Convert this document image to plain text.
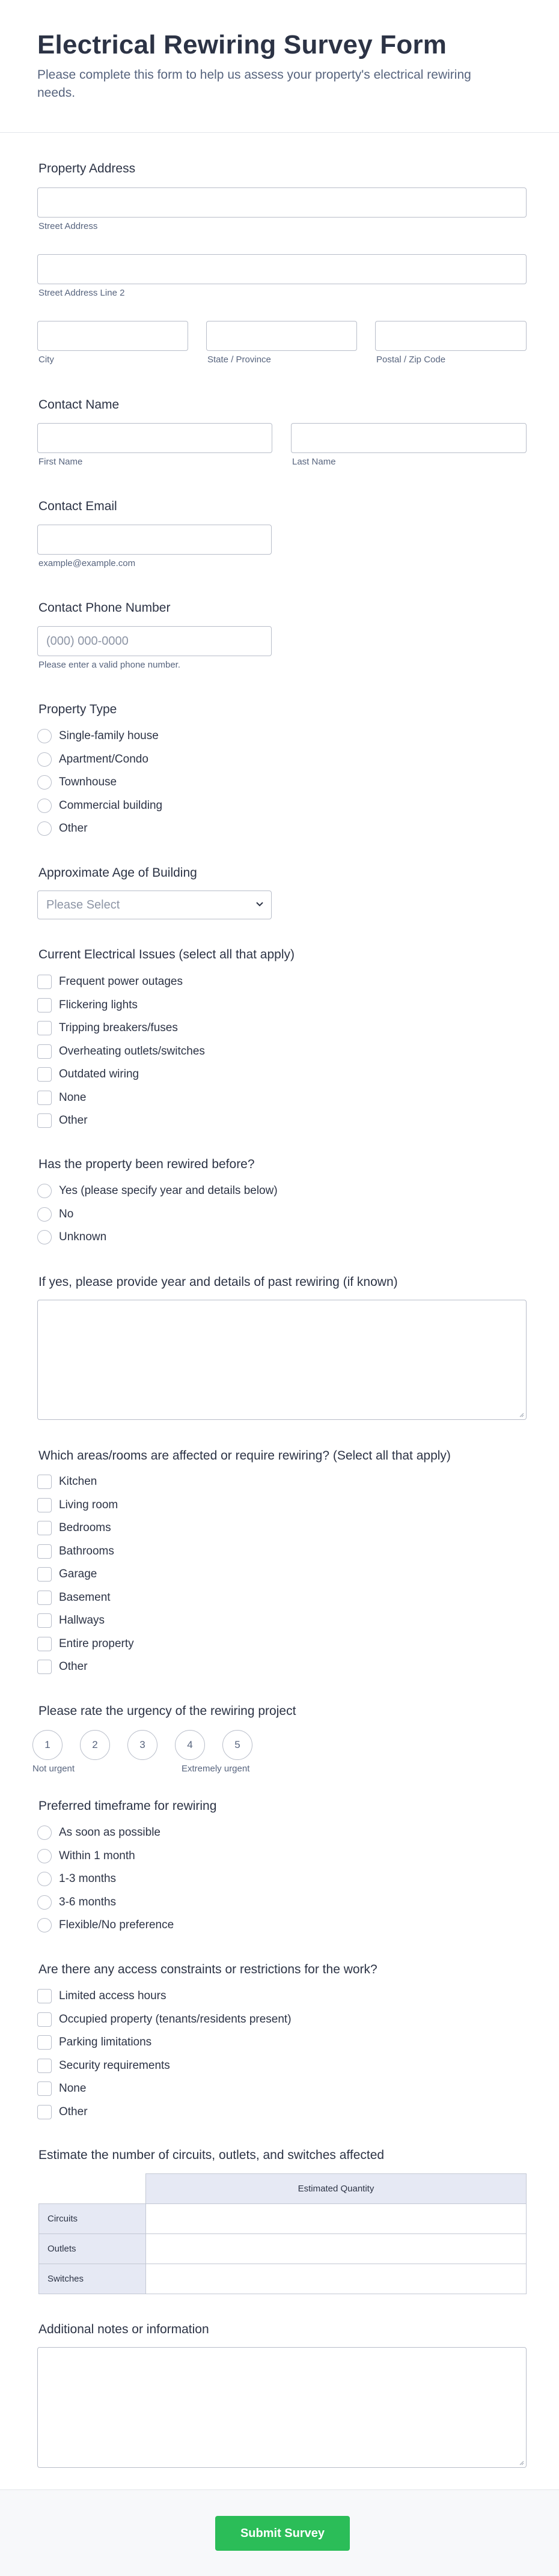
Electrical Rewiring Survey Form

Please complete this form to help us assess your property's electrical rewiring needs.

Property Address
Street Address
Street Address Line 2
City	State / Province	Postal / Zip Code
Contact Name
First Name	Last Name
Contact Email
example@example.com
Contact Phone Number
(000) 000-0000
Please enter a valid phone number.
Property Type
Single-family house
Apartment/Condo
Townhouse
Commercial building
Other
Approximate Age of Building
Please Select
Current Electrical Issues (select all that apply)
Frequent power outages
Flickering lights
Tripping breakers/fuses
Overheating outlets/switches
Outdated wiring
None
Other
Has the property been rewired before?
Yes (please specify year and details below)
No
Unknown
If yes, please provide year and details of past rewiring (if known)
Which areas/rooms are affected or require rewiring? (Select all that apply)
Kitchen
Living room
Bedrooms
Bathrooms
Garage
Basement
Hallways
Entire property
Other
Please rate the urgency of the rewiring project
1	2	3	4	5
Not urgent	Extremely urgent
Preferred timeframe for rewiring
As soon as possible
Within 1 month
1-3 months
3-6 months
Flexible/No preference
Are there any access constraints or restrictions for the work?
Limited access hours
Occupied property (tenants/residents present)
Parking limitations
Security requirements
None
Other
Estimate the number of circuits, outlets, and switches affected
	Estimated Quantity
Circuits	
Outlets	
Switches	
Additional notes or information
Submit Survey
